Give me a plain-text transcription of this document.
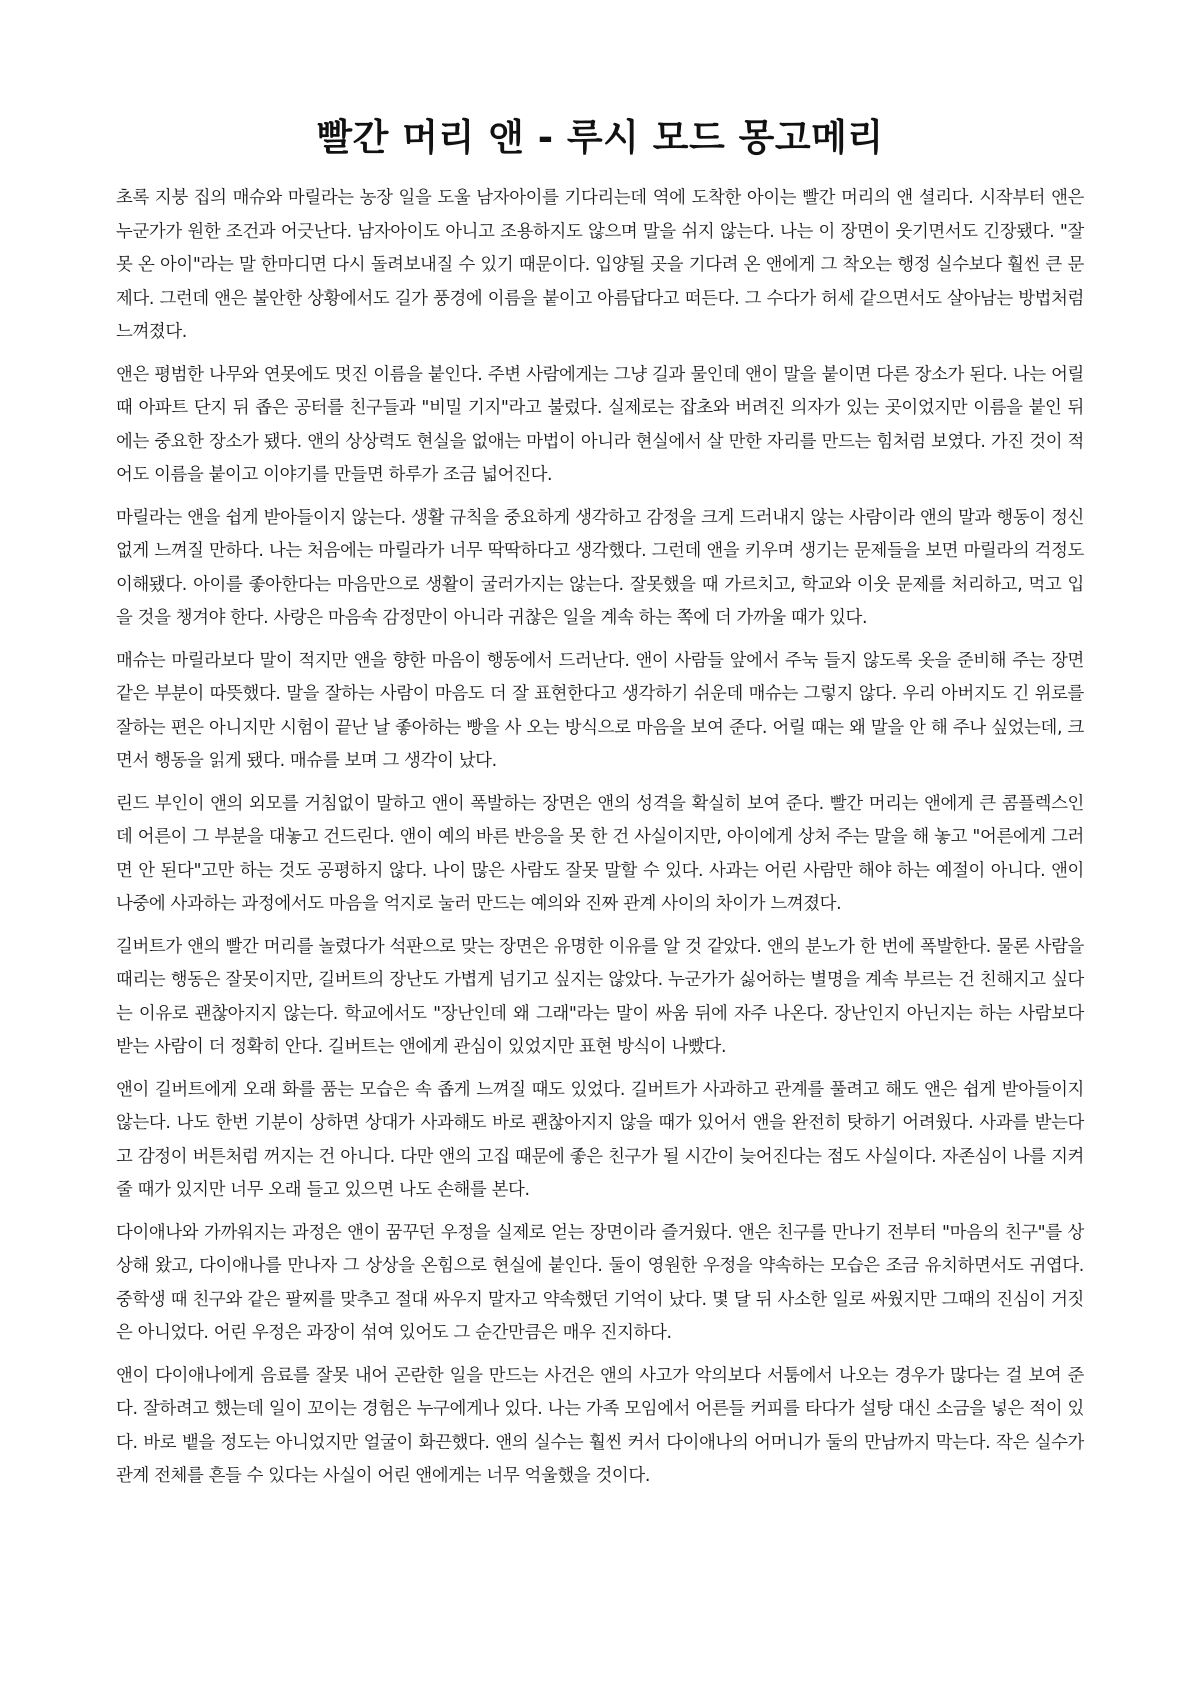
빨간 머리 앤 - 루시 모드 몽고메리

초록 지붕 집의 매슈와 마릴라는 농장 일을 도울 남자아이를 기다리는데 역에 도착한 아이는 빨간 머리의 앤 셜리다. 시작부터 앤은 누군가가 원한 조건과 어긋난다. 남자아이도 아니고 조용하지도 않으며 말을 쉬지 않는다. 나는 이 장면이 웃기면서도 긴장됐다. "잘못 온 아이"라는 말 한마디면 다시 돌려보내질 수 있기 때문이다. 입양될 곳을 기다려 온 앤에게 그 착오는 행정 실수보다 훨씬 큰 문제다. 그런데 앤은 불안한 상황에서도 길가 풍경에 이름을 붙이고 아름답다고 떠든다. 그 수다가 허세 같으면서도 살아남는 방법처럼 느껴졌다.

앤은 평범한 나무와 연못에도 멋진 이름을 붙인다. 주변 사람에게는 그냥 길과 물인데 앤이 말을 붙이면 다른 장소가 된다. 나는 어릴 때 아파트 단지 뒤 좁은 공터를 친구들과 "비밀 기지"라고 불렀다. 실제로는 잡초와 버려진 의자가 있는 곳이었지만 이름을 붙인 뒤에는 중요한 장소가 됐다. 앤의 상상력도 현실을 없애는 마법이 아니라 현실에서 살 만한 자리를 만드는 힘처럼 보였다. 가진 것이 적어도 이름을 붙이고 이야기를 만들면 하루가 조금 넓어진다.

마릴라는 앤을 쉽게 받아들이지 않는다. 생활 규칙을 중요하게 생각하고 감정을 크게 드러내지 않는 사람이라 앤의 말과 행동이 정신없게 느껴질 만하다. 나는 처음에는 마릴라가 너무 딱딱하다고 생각했다. 그런데 앤을 키우며 생기는 문제들을 보면 마릴라의 걱정도 이해됐다. 아이를 좋아한다는 마음만으로 생활이 굴러가지는 않는다. 잘못했을 때 가르치고, 학교와 이웃 문제를 처리하고, 먹고 입을 것을 챙겨야 한다. 사랑은 마음속 감정만이 아니라 귀찮은 일을 계속 하는 쪽에 더 가까울 때가 있다.

매슈는 마릴라보다 말이 적지만 앤을 향한 마음이 행동에서 드러난다. 앤이 사람들 앞에서 주눅 들지 않도록 옷을 준비해 주는 장면 같은 부분이 따뜻했다. 말을 잘하는 사람이 마음도 더 잘 표현한다고 생각하기 쉬운데 매슈는 그렇지 않다. 우리 아버지도 긴 위로를 잘하는 편은 아니지만 시험이 끝난 날 좋아하는 빵을 사 오는 방식으로 마음을 보여 준다. 어릴 때는 왜 말을 안 해 주나 싶었는데, 크면서 행동을 읽게 됐다. 매슈를 보며 그 생각이 났다.

린드 부인이 앤의 외모를 거침없이 말하고 앤이 폭발하는 장면은 앤의 성격을 확실히 보여 준다. 빨간 머리는 앤에게 큰 콤플렉스인데 어른이 그 부분을 대놓고 건드린다. 앤이 예의 바른 반응을 못 한 건 사실이지만, 아이에게 상처 주는 말을 해 놓고 "어른에게 그러면 안 된다"고만 하는 것도 공평하지 않다. 나이 많은 사람도 잘못 말할 수 있다. 사과는 어린 사람만 해야 하는 예절이 아니다. 앤이 나중에 사과하는 과정에서도 마음을 억지로 눌러 만드는 예의와 진짜 관계 사이의 차이가 느껴졌다.

길버트가 앤의 빨간 머리를 놀렸다가 석판으로 맞는 장면은 유명한 이유를 알 것 같았다. 앤의 분노가 한 번에 폭발한다. 물론 사람을 때리는 행동은 잘못이지만, 길버트의 장난도 가볍게 넘기고 싶지는 않았다. 누군가가 싫어하는 별명을 계속 부르는 건 친해지고 싶다는 이유로 괜찮아지지 않는다. 학교에서도 "장난인데 왜 그래"라는 말이 싸움 뒤에 자주 나온다. 장난인지 아닌지는 하는 사람보다 받는 사람이 더 정확히 안다. 길버트는 앤에게 관심이 있었지만 표현 방식이 나빴다.

앤이 길버트에게 오래 화를 품는 모습은 속 좁게 느껴질 때도 있었다. 길버트가 사과하고 관계를 풀려고 해도 앤은 쉽게 받아들이지 않는다. 나도 한번 기분이 상하면 상대가 사과해도 바로 괜찮아지지 않을 때가 있어서 앤을 완전히 탓하기 어려웠다. 사과를 받는다고 감정이 버튼처럼 꺼지는 건 아니다. 다만 앤의 고집 때문에 좋은 친구가 될 시간이 늦어진다는 점도 사실이다. 자존심이 나를 지켜 줄 때가 있지만 너무 오래 들고 있으면 나도 손해를 본다.

다이애나와 가까워지는 과정은 앤이 꿈꾸던 우정을 실제로 얻는 장면이라 즐거웠다. 앤은 친구를 만나기 전부터 "마음의 친구"를 상상해 왔고, 다이애나를 만나자 그 상상을 온힘으로 현실에 붙인다. 둘이 영원한 우정을 약속하는 모습은 조금 유치하면서도 귀엽다. 중학생 때 친구와 같은 팔찌를 맞추고 절대 싸우지 말자고 약속했던 기억이 났다. 몇 달 뒤 사소한 일로 싸웠지만 그때의 진심이 거짓은 아니었다. 어린 우정은 과장이 섞여 있어도 그 순간만큼은 매우 진지하다.

앤이 다이애나에게 음료를 잘못 내어 곤란한 일을 만드는 사건은 앤의 사고가 악의보다 서툼에서 나오는 경우가 많다는 걸 보여 준다. 잘하려고 했는데 일이 꼬이는 경험은 누구에게나 있다. 나는 가족 모임에서 어른들 커피를 타다가 설탕 대신 소금을 넣은 적이 있다. 바로 뱉을 정도는 아니었지만 얼굴이 화끈했다. 앤의 실수는 훨씬 커서 다이애나의 어머니가 둘의 만남까지 막는다. 작은 실수가 관계 전체를 흔들 수 있다는 사실이 어린 앤에게는 너무 억울했을 것이다.
